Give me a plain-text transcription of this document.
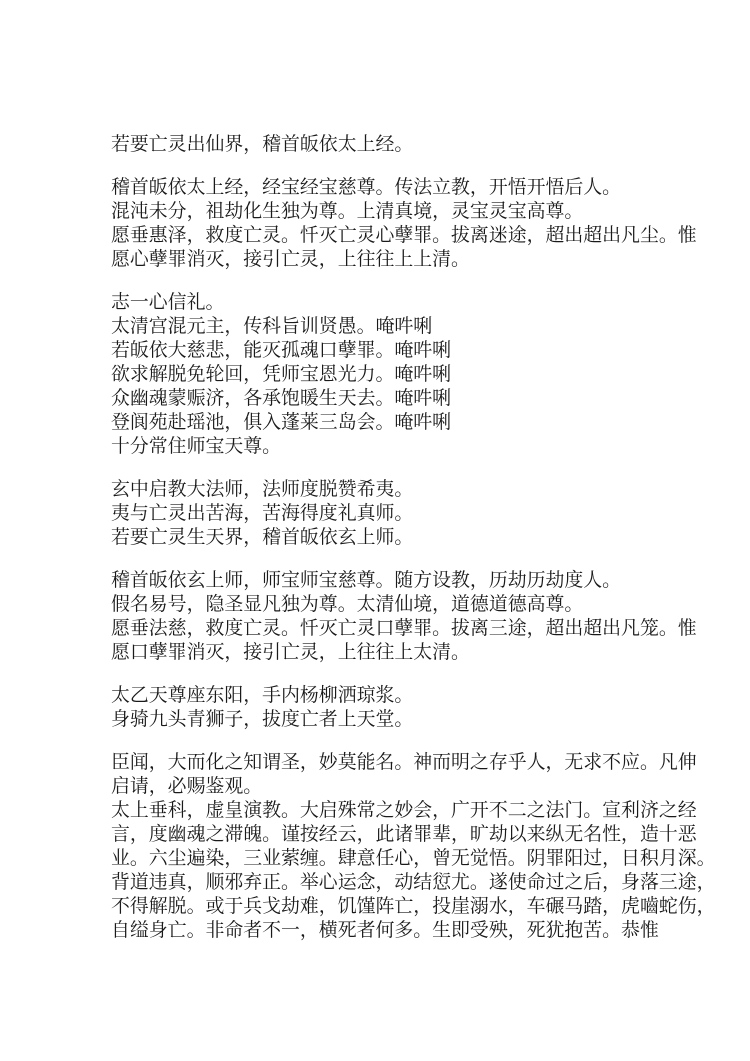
若要亡灵出仙界，稽首皈依太上经。
稽首皈依太上经，经宝经宝慈尊。传法立教，开悟开悟后人。
混沌未分，祖劫化生独为尊。上清真境，灵宝灵宝高尊。
愿垂惠泽，救度亡灵。忏灭亡灵心孽罪。拔离迷途，超出超出凡尘。惟
愿心孽罪消灭，接引亡灵，上往往上上清。
志一心信礼。
太清宫混元主，传科旨训贤愚。唵吽唎
若皈依大慈悲，能灭孤魂口孽罪。唵吽唎
欲求解脱免轮回，凭师宝恩光力。唵吽唎
众幽魂蒙赈济，各承饱暖生天去。唵吽唎
登阆苑赴瑶池，俱入蓬莱三岛会。唵吽唎
十分常住师宝天尊。
玄中启教大法师，法师度脱赞希夷。
夷与亡灵出苦海，苦海得度礼真师。
若要亡灵生天界，稽首皈依玄上师。
稽首皈依玄上师，师宝师宝慈尊。随方设教，历劫历劫度人。
假名易号，隐圣显凡独为尊。太清仙境，道德道德高尊。
愿垂法慈，救度亡灵。忏灭亡灵口孽罪。拔离三途，超出超出凡笼。惟
愿口孽罪消灭，接引亡灵，上往往上太清。
太乙天尊座东阳，手内杨柳洒琼浆。
身骑九头青狮子，拔度亡者上天堂。
臣闻，大而化之知谓圣，妙莫能名。神而明之存乎人，无求不应。凡伸
启请，必赐鉴观。
太上垂科，虚皇演教。大启殊常之妙会，广开不二之法门。宣利济之经
言，度幽魂之滞魄。谨按经云，此诸罪辈，旷劫以来纵无名性，造十恶
业。六尘遍染，三业萦缠。肆意任心，曾无觉悟。阴罪阳过，日积月深。
背道违真，顺邪弃正。举心运念，动结愆尤。遂使命过之后，身落三途，
不得解脱。或于兵戈劫难，饥馑阵亡，投崖溺水，车碾马踏，虎嚙蛇伤，
自缢身亡。非命者不一，横死者何多。生即受殃，死犹抱苦。恭惟
